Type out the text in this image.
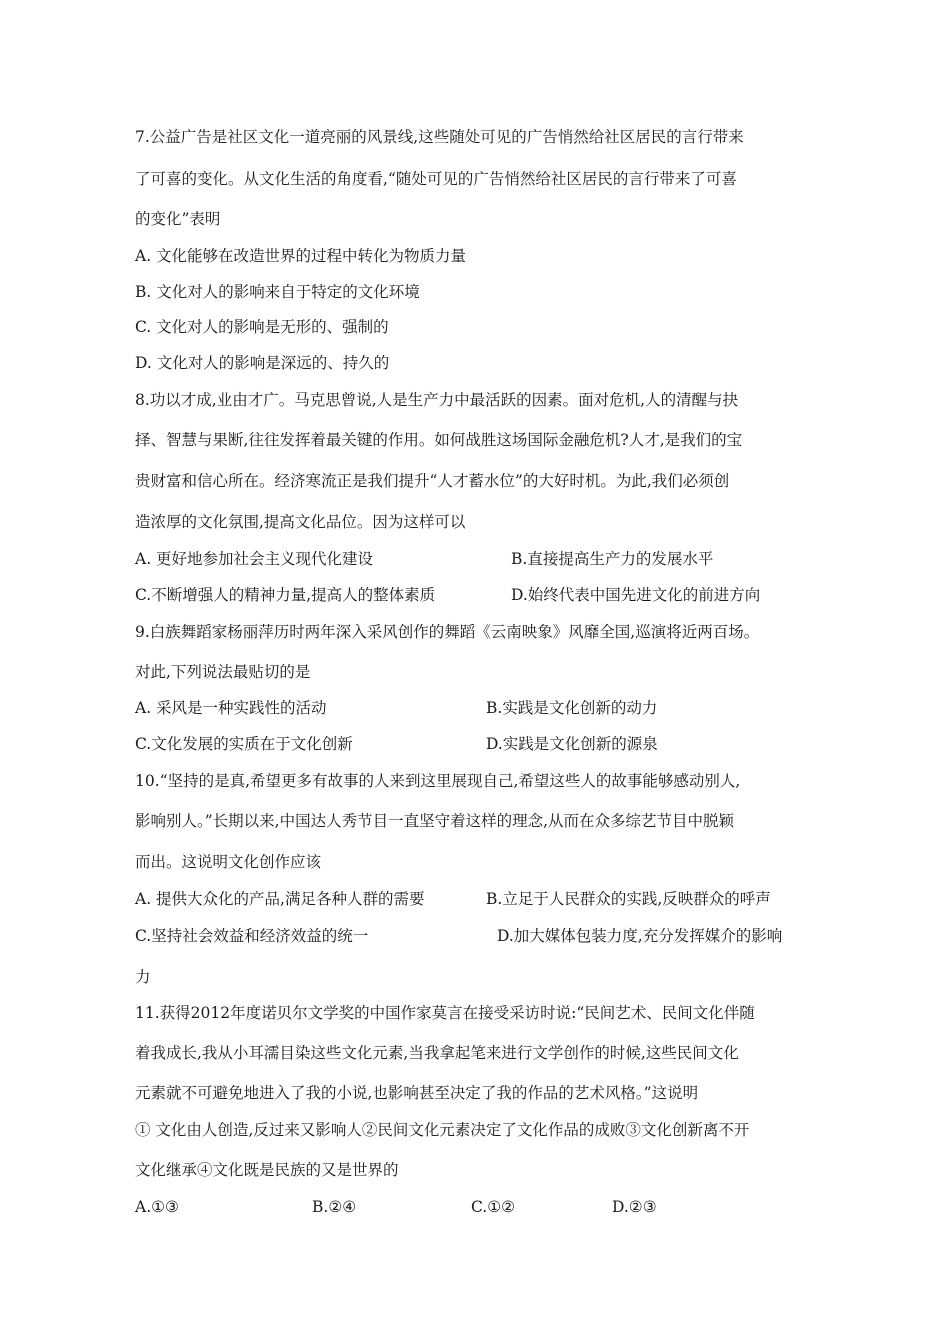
7.公益广告是社区文化一道亮丽的风景线,这些随处可见的广告悄然给社区居民的言行带来
了可喜的变化。从文化生活的角度看,“随处可见的广告悄然给社区居民的言行带来了可喜
的变化”表明
A. 文化能够在改造世界的过程中转化为物质力量
B. 文化对人的影响来自于特定的文化环境
C. 文化对人的影响是无形的、强制的
D. 文化对人的影响是深远的、持久的
8.功以才成,业由才广。马克思曾说,人是生产力中最活跃的因素。面对危机,人的清醒与抉
择、智慧与果断,往往发挥着最关键的作用。如何战胜这场国际金融危机?人才,是我们的宝
贵财富和信心所在。经济寒流正是我们提升“人才蓄水位”的大好时机。为此,我们必须创
造浓厚的文化氛围,提高文化品位。因为这样可以
A. 更好地参加社会主义现代化建设	B.直接提高生产力的发展水平
C.不断增强人的精神力量,提高人的整体素质	D.始终代表中国先进文化的前进方向
9.白族舞蹈家杨丽萍历时两年深入采风创作的舞蹈《云南映象》风靡全国,巡演将近两百场。
对此,下列说法最贴切的是
A. 采风是一种实践性的活动	B.实践是文化创新的动力
C.文化发展的实质在于文化创新	D.实践是文化创新的源泉
10.“坚持的是真,希望更多有故事的人来到这里展现自己,希望这些人的故事能够感动别人,
影响别人。”长期以来,中国达人秀节目一直坚守着这样的理念,从而在众多综艺节目中脱颖
而出。这说明文化创作应该
A. 提供大众化的产品,满足各种人群的需要	B.立足于人民群众的实践,反映群众的呼声
C.坚持社会效益和经济效益的统一	D.加大媒体包装力度,充分发挥媒介的影响
力
11.获得2012年度诺贝尔文学奖的中国作家莫言在接受采访时说:“民间艺术、民间文化伴随
着我成长,我从小耳濡目染这些文化元素,当我拿起笔来进行文学创作的时候,这些民间文化
元素就不可避免地进入了我的小说,也影响甚至决定了我的作品的艺术风格。”这说明
① 文化由人创造,反过来又影响人②民间文化元素决定了文化作品的成败③文化创新离不开
文化继承④文化既是民族的又是世界的
A.①③	B.②④	C.①②	D.②③
